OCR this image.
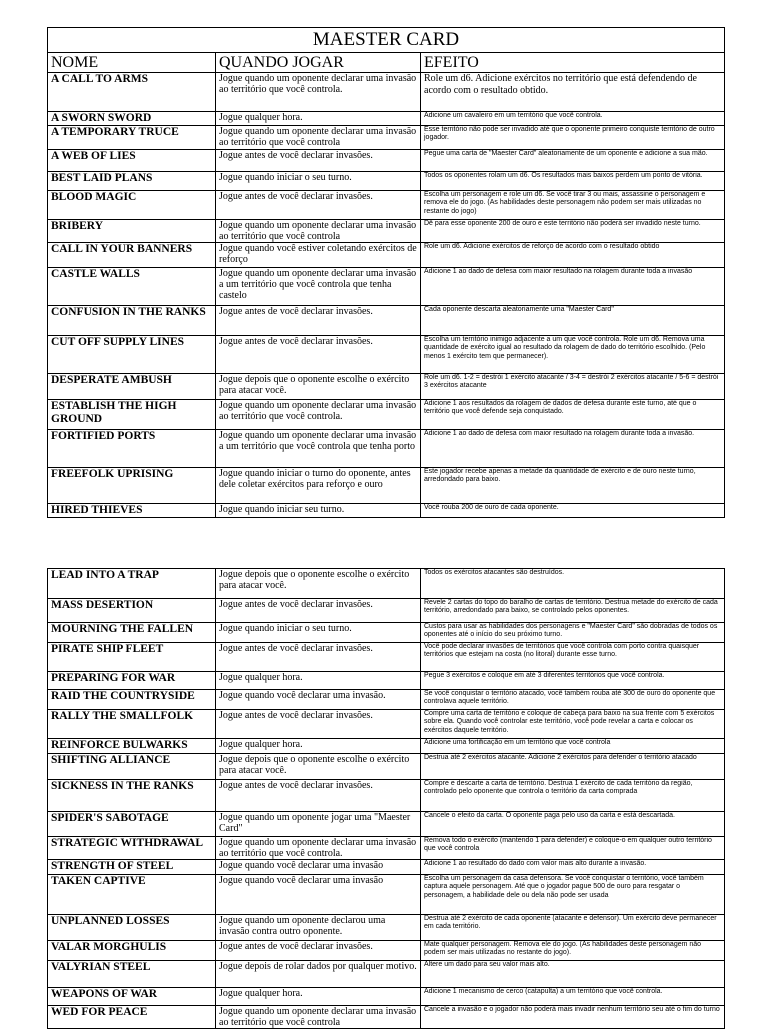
MAESTER CARD		
NOME	QUANDO JOGAR	EFEITO
A CALL TO ARMS	Jogue quando um oponente declarar uma invasão ao território que você controla.	Role um d6. Adicione exércitos no território que está defendendo de acordo com o resultado obtido.
A SWORN SWORD	Jogue qualquer hora.	Adicione um cavaleiro em um território que você controla.
A TEMPORARY TRUCE	Jogue quando um oponente declarar uma invasão ao território que você controla	Esse território não pode ser invadido até que o oponente primeiro conquiste território de outro jogador.
A WEB OF LIES	Jogue antes de você declarar invasões.	Pegue uma carta de "Maester Card" aleatoriamente de um oponente e adicione a sua mão.
BEST LAID PLANS	Jogue quando iniciar o seu turno.	Todos os oponentes rolam um d6. Os resultados mais baixos perdem um ponto de vitória.
BLOOD MAGIC	Jogue antes de você declarar invasões.	Escolha um personagem e role um d6. Se você tirar 3 ou mais, assassine o personagem e remova ele do jogo. (As habilidades deste personagem não podem ser mais utilizadas no restante do jogo)
BRIBERY	Jogue quando um oponente declarar uma invasão ao território que você controla	Dê para esse oponente 200 de ouro e este território não poderá ser invadido neste turno.
CALL IN YOUR BANNERS	Jogue quando você estiver coletando exércitos de reforço	Role um d6. Adicione exércitos de reforço de acordo com o resultado obtido
CASTLE WALLS	Jogue quando um oponente declarar uma invasão a um território que você controla que tenha castelo	Adicione 1 ao dado de defesa com maior resultado na rolagem durante toda a invasão
CONFUSION IN THE RANKS	Jogue antes de você declarar invasões.	Cada oponente descarta aleatoriamente uma "Maester Card"
CUT OFF SUPPLY LINES	Jogue antes de você declarar invasões.	Escolha um território inimigo adjacente a um que você controla. Role um d6. Remova uma quantidade de exército igual ao resultado da rolagem de dado do território escolhido. (Pelo menos 1 exército tem que permanecer).
DESPERATE AMBUSH	Jogue depois que o oponente escolhe o exército para atacar você.	Role um d6. 1-2 = destrói 1 exército atacante / 3-4 = destrói 2 exércitos atacante / 5-6 = destrói 3 exércitos atacante
ESTABLISH THE HIGH GROUND	Jogue quando um oponente declarar uma invasão ao território que você controla.	Adicione 1 aos resultados da rolagem de dados de defesa durante este turno, até que o território que você defende seja conquistado.
FORTIFIED PORTS	Jogue quando um oponente declarar uma invasão a um território que você controla que tenha porto	Adicione 1 ao dado de defesa com maior resultado na rolagem durante toda a invasão.
FREEFOLK UPRISING	Jogue quando iniciar o turno do oponente, antes dele coletar exércitos para reforço e ouro	Este jogador recebe apenas a metade da quantidade de exército e de ouro neste turno, arredondado para baixo.
HIRED THIEVES	Jogue quando iniciar seu turno.	Você rouba 200 de ouro de cada oponente.
LEAD INTO A TRAP	Jogue depois que o oponente escolhe o exército para atacar você.	Todos os exércitos atacantes são destruídos.
MASS DESERTION	Jogue antes de você declarar invasões.	Revele 2 cartas do topo do baralho de cartas de território. Destrua metade do exército de cada território, arredondado para baixo, se controlado pelos oponentes.
MOURNING THE FALLEN	Jogue quando iniciar o seu turno.	Custos para usar as habilidades dos personagens e "Maester Card" são dobradas de todos os oponentes até o início do seu próximo turno.
PIRATE SHIP FLEET	Jogue antes de você declarar invasões.	Você pode declarar invasões de territórios que você controla com porto contra quaisquer territórios que estejam na costa (no litoral) durante esse turno.
PREPARING FOR WAR	Jogue qualquer hora.	Pegue 3 exércitos e coloque em até 3 diferentes territórios que você controla.
RAID THE COUNTRYSIDE	Jogue quando você declarar uma invasão.	Se você conquistar o território atacado, você também rouba até 300 de ouro do oponente que controlava aquele território.
RALLY THE SMALLFOLK	Jogue antes de você declarar invasões.	Compre uma carta de território e coloque de cabeça para baixo na sua frente com 5 exércitos sobre ela. Quando você controlar este território, você pode revelar a carta e colocar os exércitos daquele território.
REINFORCE BULWARKS	Jogue qualquer hora.	Adicione uma fortificação em um território que você controla
SHIFTING ALLIANCE	Jogue depois que o oponente escolhe o exército para atacar você.	Destrua até 2 exércitos atacante. Adicione 2 exércitos para defender o território atacado
SICKNESS IN THE RANKS	Jogue antes de você declarar invasões.	Compre e descarte a carta de território. Destrua 1 exército de cada território da região, controlado pelo oponente que controla o território da carta comprada
SPIDER'S SABOTAGE	Jogue quando um oponente jogar uma "Maester Card"	Cancele o efeito da carta. O oponente paga pelo uso da carta e está descartada.
STRATEGIC WITHDRAWAL	Jogue quando um oponente declarar uma invasão ao território que você controla.	Remova todo o exército (mantendo 1 para defender) e coloque-o em qualquer outro território que você controla
STRENGTH OF STEEL	Jogue quando você declarar uma invasão	Adicione 1 ao resultado do dado com valor mais alto durante a invasão.
TAKEN CAPTIVE	Jogue quando você declarar uma invasão	Escolha um personagem da casa defensora. Se você conquistar o território, você também captura aquele personagem. Até que o jogador pague 500 de ouro para resgatar o personagem, a habilidade dele ou dela não pode ser usada
UNPLANNED LOSSES	Jogue quando um oponente declarou uma invasão contra outro oponente.	Destrua até 2 exército de cada oponente (atacante e defensor). Um exército deve permanecer em cada território.
VALAR MORGHULIS	Jogue antes de você declarar invasões.	Mate qualquer personagem. Remova ele do jogo. (As habilidades deste personagem não podem ser mais utilizadas no restante do jogo).
VALYRIAN STEEL	Jogue depois de rolar dados por qualquer motivo.	Altere um dado para seu valor mais alto.
WEAPONS OF WAR	Jogue qualquer hora.	Adicione 1 mecanismo de cerco (catapulta) a um território que você controla.
WED FOR PEACE	Jogue quando um oponente declarar uma invasão ao território que você controla	Cancele a invasão e o jogador não poderá mais invadir nenhum território seu até o fim do turno
